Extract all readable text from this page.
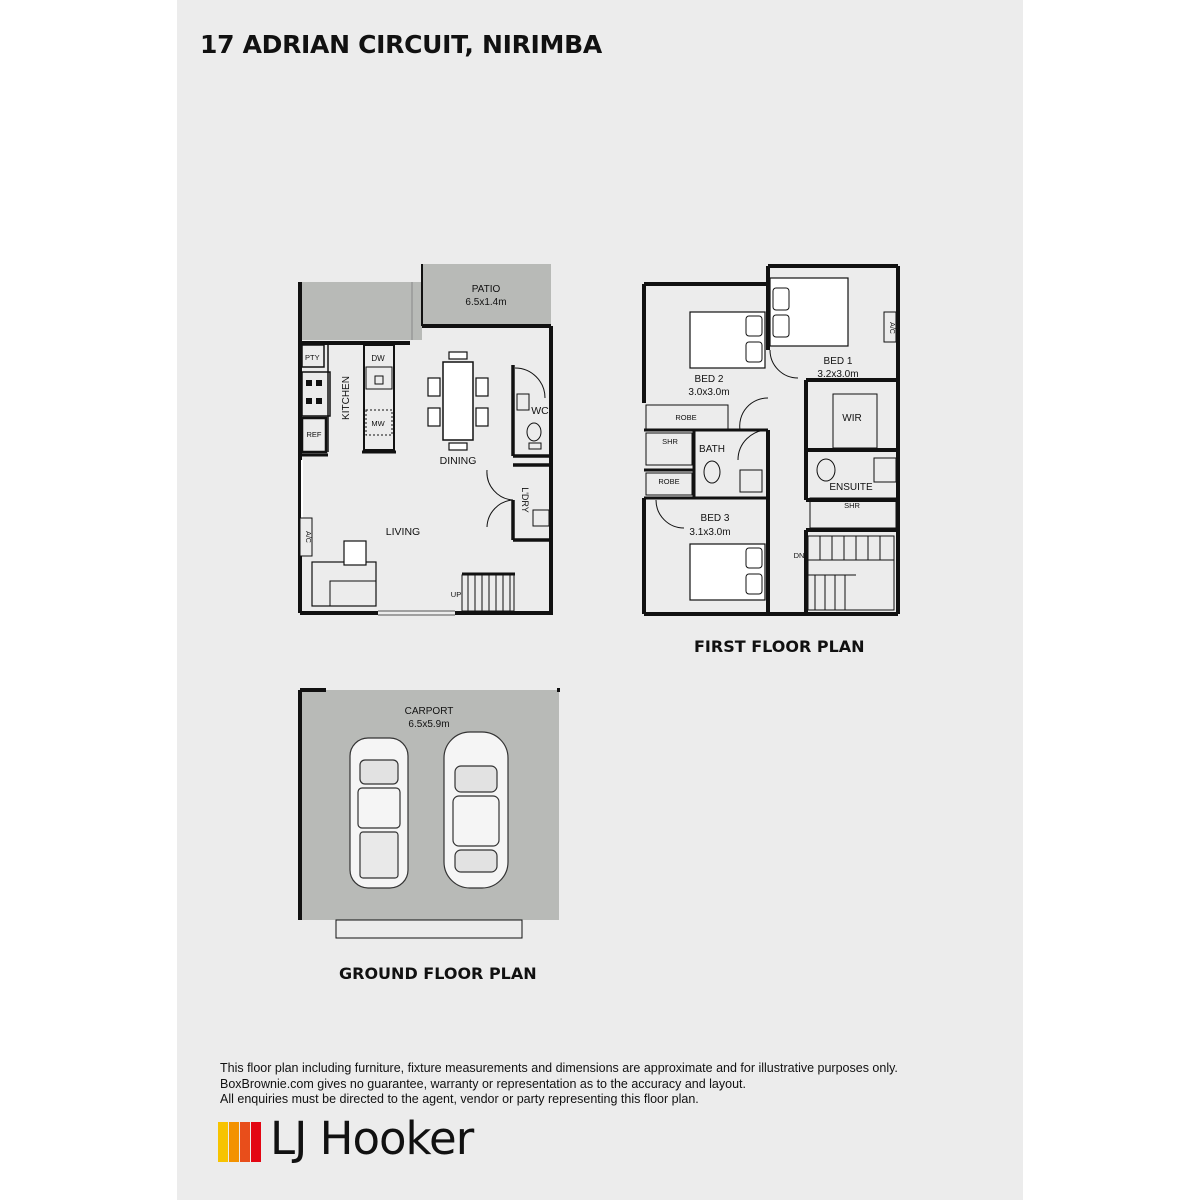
17 ADRIAN CIRCUIT, NIRIMBA
PATIO
6.5x1.4m
PTY	DW
KITCHEN
MW
REF
DINING
WC
L'DRY
LIVING
A/C
UP
CARPORT
6.5x5.9m
BED 1
3.2x3.0m
BED 2
3.0x3.0m
ROBE
SHR
BATH
ROBE
BED 3
3.1x3.0m
WIR
ENSUITE
SHR
A/C
DN
FIRST FLOOR PLAN
GROUND FLOOR PLAN
This floor plan including furniture, fixture measurements and dimensions are approximate and for illustrative purposes only.
BoxBrownie.com gives no guarantee, warranty or representation as to the accuracy and layout.
All enquiries must be directed to the agent, vendor or party representing this floor plan.
LJ Hooker
